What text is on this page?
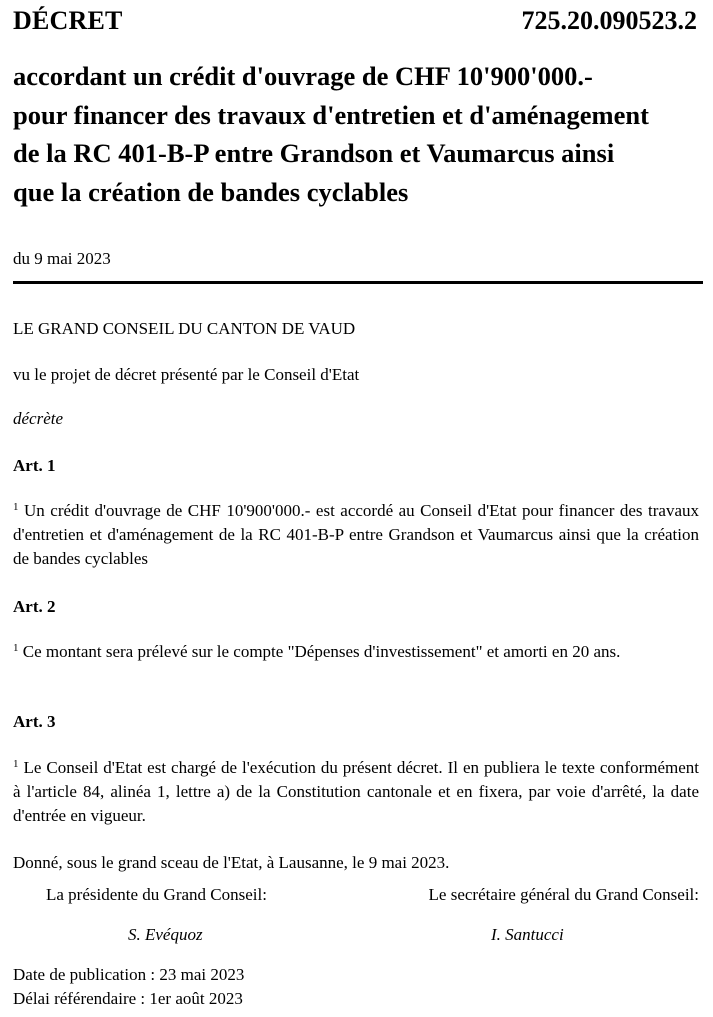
DÉCRET	725.20.090523.2
accordant un crédit d'ouvrage de CHF 10'900'000.-
pour financer des travaux d'entretien et d'aménagement
de la RC 401-B-P entre Grandson et Vaumarcus ainsi
que la création de bandes cyclables
du 9 mai 2023

LE GRAND CONSEIL DU CANTON DE VAUD

vu le projet de décret présenté par le Conseil d'Etat

décrète

Art. 1

$^1$ Un crédit d'ouvrage de CHF 10'900'000.- est accordé au Conseil d'Etat pour financer des travaux d'entretien et d'aménagement de la RC 401-B-P entre Grandson et Vaumarcus ainsi que la création de bandes cyclables

Art. 2

$^1$ Ce montant sera prélevé sur le compte "Dépenses d'investissement" et amorti en 20 ans.

Art. 3

$^1$ Le Conseil d'Etat est chargé de l'exécution du présent décret. Il en publiera le texte conformément à l'article 84, alinéa 1, lettre a) de la Constitution cantonale et en fixera, par voie d'arrêté, la date d'entrée en vigueur.

Donné, sous le grand sceau de l'Etat, à Lausanne, le 9 mai 2023.

La présidente du Grand Conseil:	Le secrétaire général du Grand Conseil:
S. Evéquoz	I. Santucci

Date de publication : 23 mai 2023

Délai référendaire : 1er août 2023
